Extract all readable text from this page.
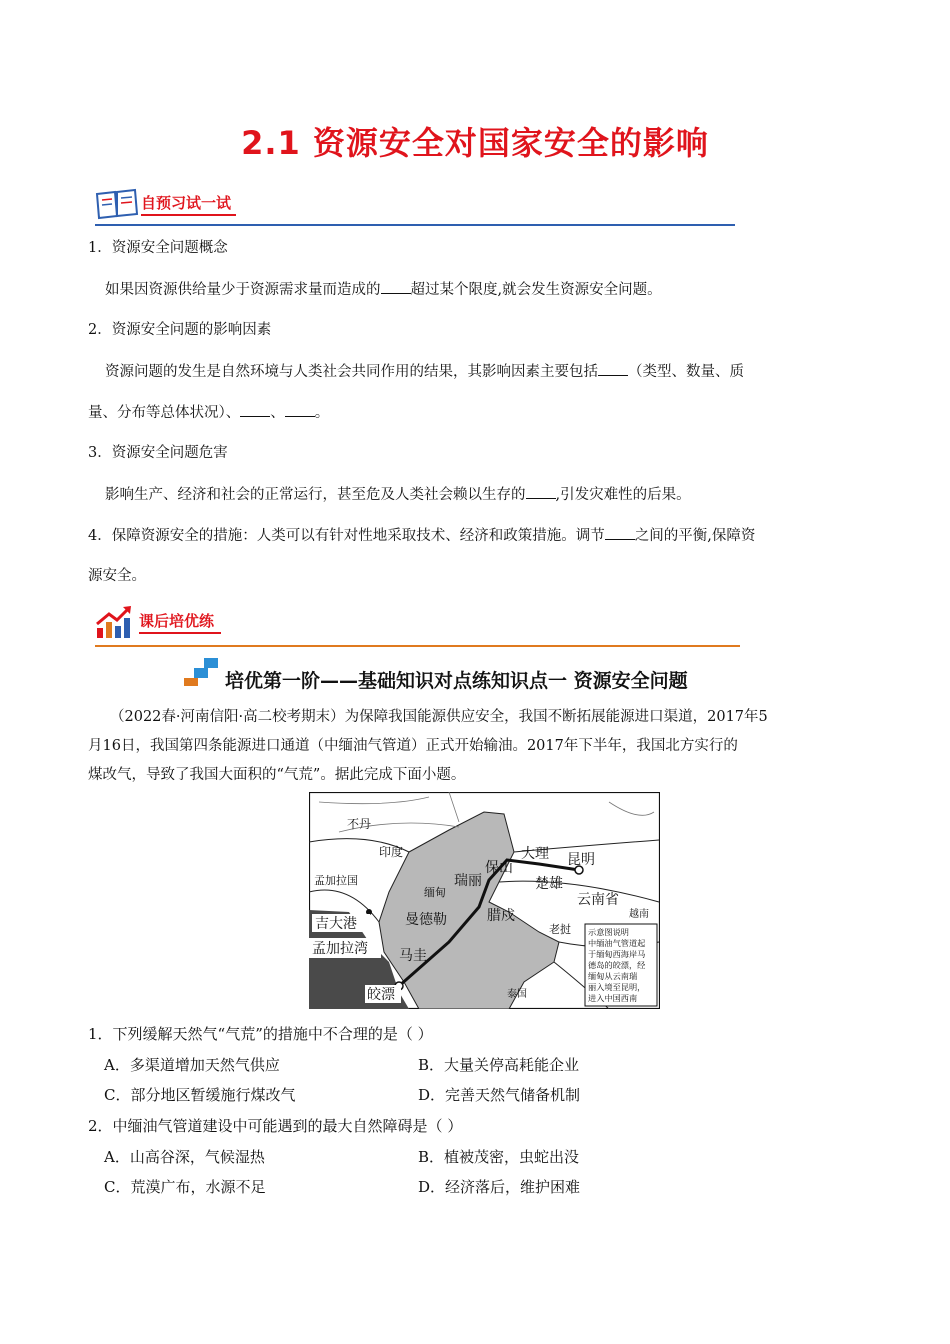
2.1 资源安全对国家安全的影响
自预习试一试
1．资源安全问题概念
如果因资源供给量少于资源需求量而造成的 超过某个限度,就会发生资源安全问题。
2．资源安全问题的影响因素
资源问题的发生是自然环境与人类社会共同作用的结果，其影响因素主要包括 （类型、数量、质
量、分布等总体状况）、 、 。
3．资源安全问题危害
影响生产、经济和社会的正常运行，甚至危及人类社会赖以生存的 ,引发灾难性的后果。
4．保障资源安全的措施：人类可以有针对性地采取技术、经济和政策措施。调节 之间的平衡,保障资
源安全。
课后培优练
培优第一阶——基础知识对点练知识点一 资源安全问题
（2022春·河南信阳·高二校考期末）为保障我国能源供应安全，我国不断拓展能源进口渠道，2017年5
月16日，我国第四条能源进口通道（中缅油气管道）正式开始输油。2017年下半年，我国北方实行的
煤改气，导致了我国大面积的“气荒”。据此完成下面小题。
不丹
印度
孟加拉国
缅甸
老挝
泰国
越南
吉大港
孟加拉湾
曼德勒
马圭
皎漂
腊戍
瑞丽
保山
大理
楚雄
昆明
云南省
示意图说明
中缅油气管道起
于缅甸西海岸马
德岛的皎漂，经
缅甸从云南瑞
丽入境至昆明，
进入中国西南
1．下列缓解天然气“气荒”的措施中不合理的是（ ）
A．多渠道增加天然气供应	B．大量关停高耗能企业
C．部分地区暂缓施行煤改气	D．完善天然气储备机制
2．中缅油气管道建设中可能遇到的最大自然障碍是（ ）
A．山高谷深，气候湿热	B．植被茂密，虫蛇出没
C．荒漠广布，水源不足	D．经济落后，维护困难
